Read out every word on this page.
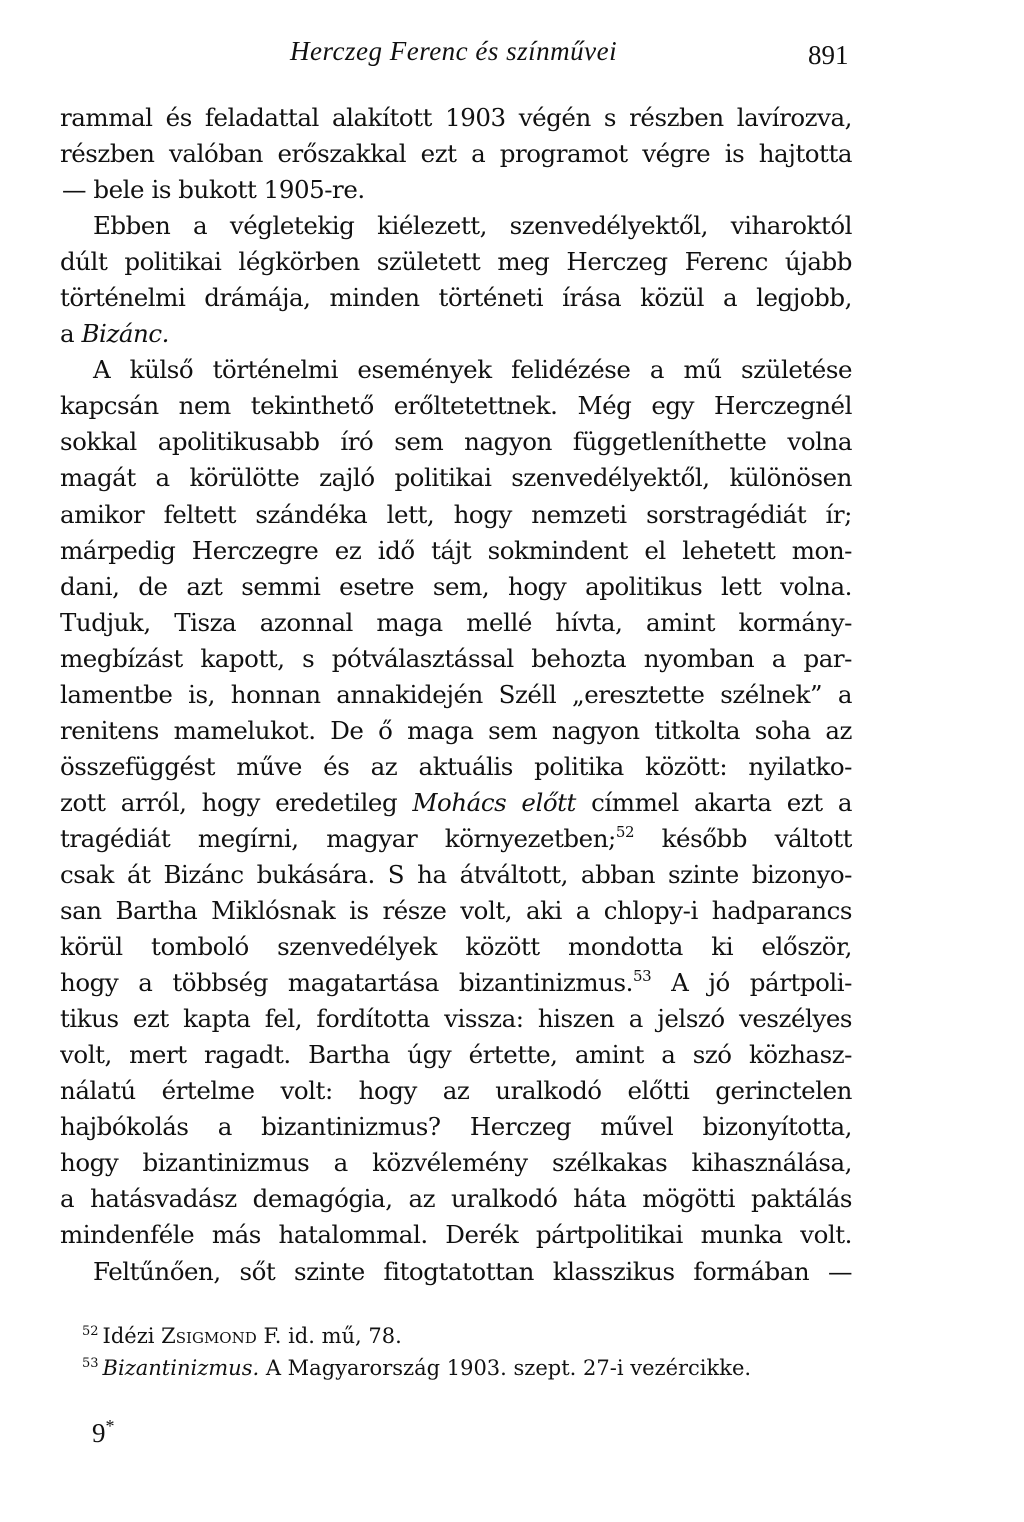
Herczeg Ferenc és színművei	891
rammal és feladattal alakított 1903 végén s részben lavírozva,
részben valóban erőszakkal ezt a programot végre is hajtotta
— bele is bukott 1905-re.
Ebben a végletekig kiélezett, szenvedélyektől, viharoktól
dúlt politikai légkörben született meg Herczeg Ferenc újabb
történelmi drámája, minden történeti írása közül a legjobb,
a Bizánc.
A külső történelmi események felidézése a mű születése
kapcsán nem tekinthető erőltetettnek. Még egy Herczegnél
sokkal apolitikusabb író sem nagyon függetleníthette volna
magát a körülötte zajló politikai szenvedélyektől, különösen
amikor feltett szándéka lett, hogy nemzeti sorstragédiát ír;
márpedig Herczegre ez idő tájt sokmindent el lehetett mon-
dani, de azt semmi esetre sem, hogy apolitikus lett volna.
Tudjuk, Tisza azonnal maga mellé hívta, amint kormány-
megbízást kapott, s pótválasztással behozta nyomban a par-
lamentbe is, honnan annakidején Széll „eresztette szélnek” a
renitens mamelukot. De ő maga sem nagyon titkolta soha az
összefüggést műve és az aktuális politika között: nyilatko-
zott arról, hogy eredetileg Mohács előtt címmel akarta ezt a
tragédiát megírni, magyar környezetben;$^{52}$ később váltott
csak át Bizánc bukására. S ha átváltott, abban szinte bizonyo-
san Bartha Miklósnak is része volt, aki a chlopy-i hadparancs
körül tomboló szenvedélyek között mondotta ki először,
hogy a többség magatartása bizantinizmus.$^{53}$ A jó pártpoli-
tikus ezt kapta fel, fordította vissza: hiszen a jelszó veszélyes
volt, mert ragadt. Bartha úgy értette, amint a szó közhasz-
nálatú értelme volt: hogy az uralkodó előtti gerinctelen
hajbókolás a bizantinizmus? Herczeg művel bizonyította,
hogy bizantinizmus a közvélemény szélkakas kihasználása,
a hatásvadász demagógia, az uralkodó háta mögötti paktálás
mindenféle más hatalommal. Derék pártpolitikai munka volt.
Feltűnően, sőt szinte fitogtatottan klasszikus formában —
$^{52}$ Idézi Zsigmond F. id. mű, 78.
$^{53}$ Bizantinizmus. A Magyarország 1903. szept. 27-i vezércikke.
9*
